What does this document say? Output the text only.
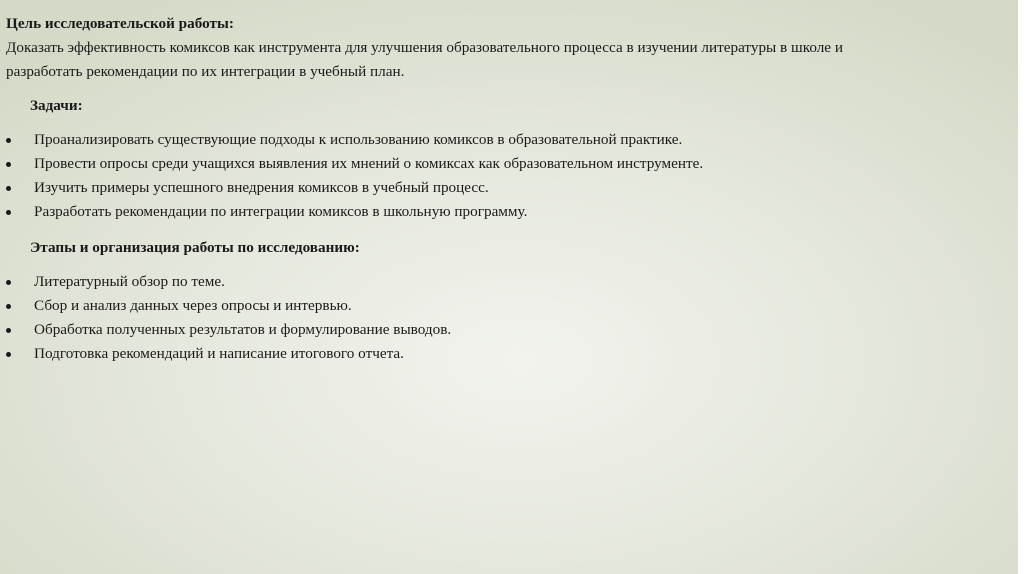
Цель исследовательской работы:

Доказать эффективность комиксов как инструмента для улучшения образовательного процесса в изучении литературы в школе и разработать рекомендации по их интеграции в учебный план.

Задачи:

Проанализировать существующие подходы к использованию комиксов в образовательной практике.
Провести опросы среди учащихся выявления их мнений о комиксах как образовательном инструменте.
Изучить примеры успешного внедрения комиксов в учебный процесс.
Разработать рекомендации по интеграции комиксов в школьную программу.

Этапы и организация работы по исследованию:

Литературный обзор по теме.
Сбор и анализ данных через опросы и интервью.
Обработка полученных результатов и формулирование выводов.
Подготовка рекомендаций и написание итогового отчета.
